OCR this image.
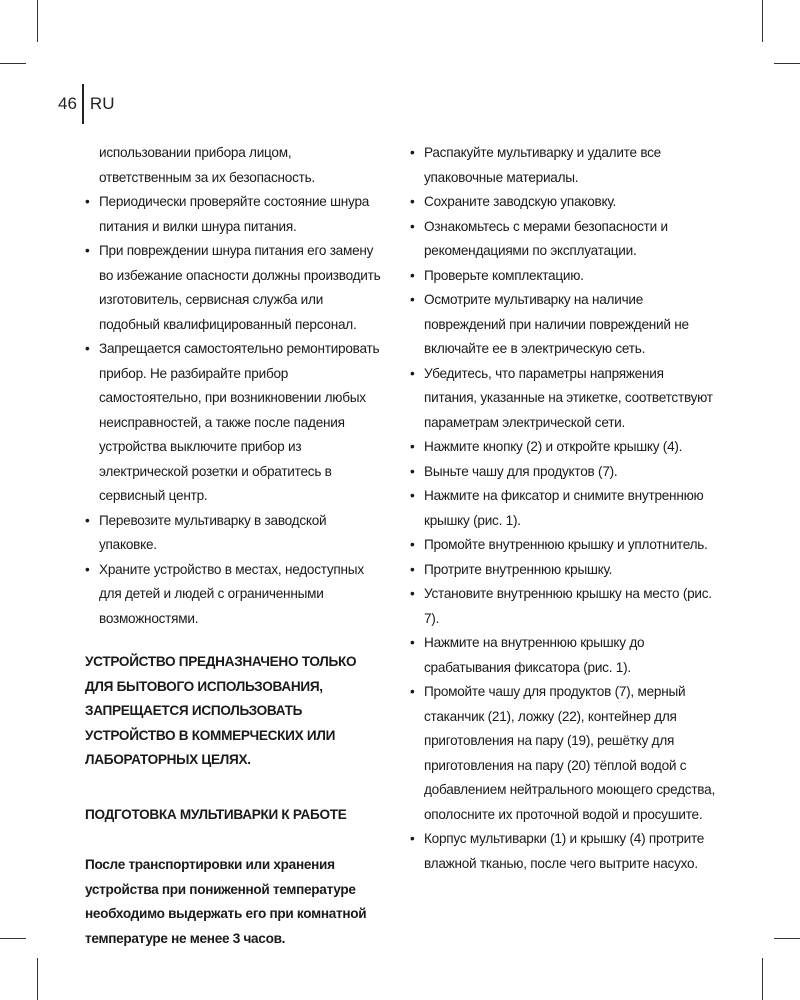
46 RU
использовании прибора лицом, ответственным за их безопасность.
• Периодически проверяйте состояние шнура питания и вилки шнура питания.
• При повреждении шнура питания его замену во избежание опасности должны производить изготовитель, сервисная служба или подобный квалифицированный персонал.
• Запрещается самостоятельно ремонтировать прибор. Не разбирайте прибор самостоятельно, при возникновении любых неисправностей, а также после падения устройства выключите прибор из электрической розетки и обратитесь в сервисный центр.
• Перевозите мультиварку в заводской упаковке.
• Храните устройство в местах, недоступных для детей и людей с ограниченными возможностями.
УСТРОЙСТВО ПРЕДНАЗНАЧЕНО ТОЛЬКО ДЛЯ БЫТОВОГО ИСПОЛЬЗОВАНИЯ, ЗАПРЕЩАЕТСЯ ИСПОЛЬЗОВАТЬ УСТРОЙСТВО В КОММЕРЧЕСКИХ ИЛИ ЛАБОРАТОРНЫХ ЦЕЛЯХ.
ПОДГОТОВКА МУЛЬТИВАРКИ К РАБОТЕ
После транспортировки или хранения устройства при пониженной температуре необходимо выдержать его при комнатной температуре не менее 3 часов.
• Распакуйте мультиварку и удалите все упаковочные материалы.
• Сохраните заводскую упаковку.
• Ознакомьтесь с мерами безопасности и рекомендациями по эксплуатации.
• Проверьте комплектацию.
• Осмотрите мультиварку на наличие повреждений при наличии повреждений не включайте ее в электрическую сеть.
• Убедитесь, что параметры напряжения питания, указанные на этикетке, соответствуют параметрам электрической сети.
• Нажмите кнопку (2) и откройте крышку (4).
• Выньте чашу для продуктов (7).
• Нажмите на фиксатор и снимите внутреннюю крышку (рис. 1).
• Промойте внутреннюю крышку и уплотнитель.
• Протрите внутреннюю крышку.
• Установите внутреннюю крышку на место (рис. 7).
• Нажмите на внутреннюю крышку до срабатывания фиксатора (рис. 1).
• Промойте чашу для продуктов (7), мерный стаканчик (21), ложку (22), контейнер для приготовления на пару (19), решётку для приготовления на пару (20) тёплой водой с добавлением нейтрального моющего средства, ополосните их проточной водой и просушите.
• Корпус мультиварки (1) и крышку (4) протрите влажной тканью, после чего вытрите насухо.
